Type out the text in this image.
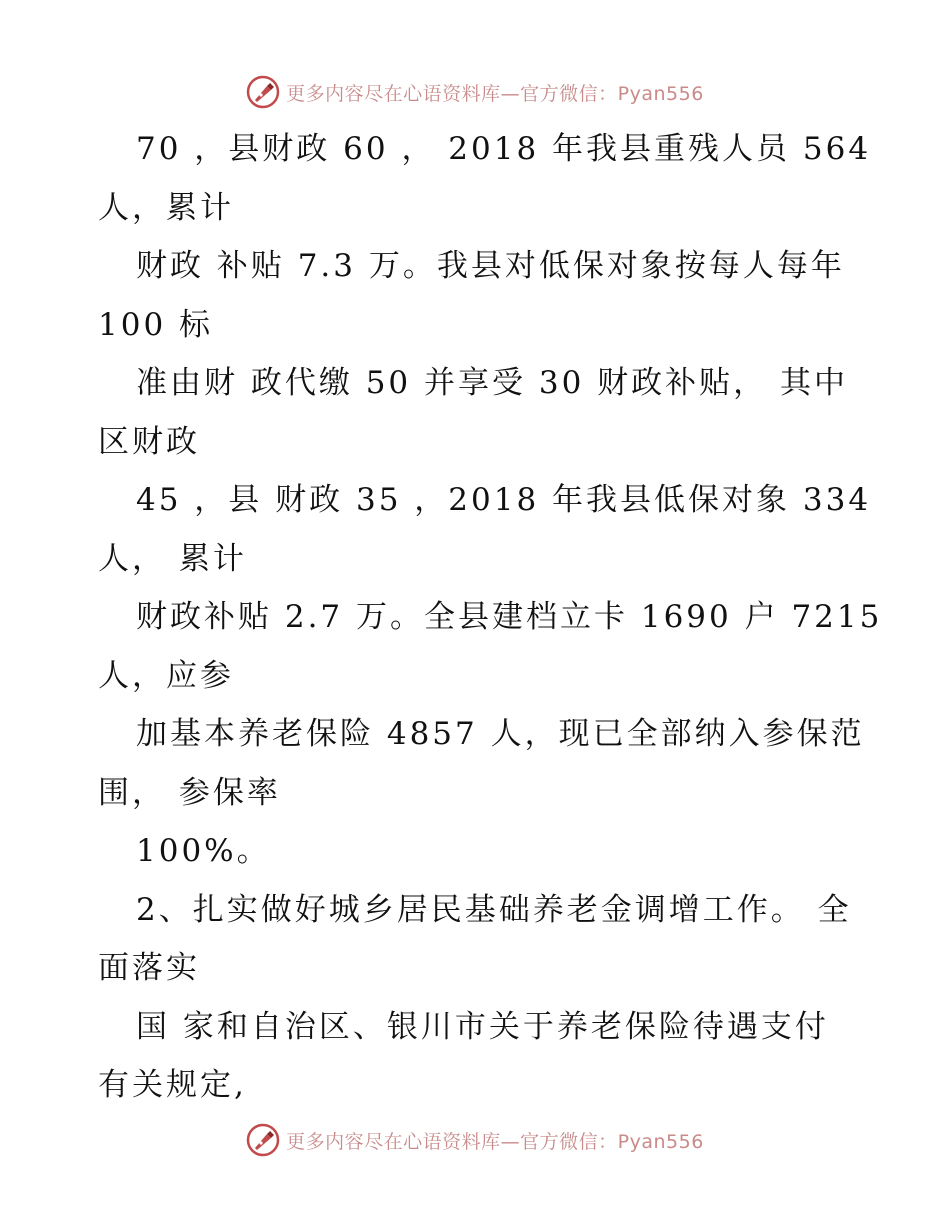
更多内容尽在心语资料库—官方微信：Pyan556
70 ，县财政 60 ， 2018 年我县重残人员 564
人，累计
财政 补贴 7.3 万。我县对低保对象按每人每年
100 标
准由财 政代缴 50 并享受 30 财政补贴， 其中
区财政
45 ，县 财政 35 ，2018 年我县低保对象 334
人， 累计
财政补贴 2.7 万。全县建档立卡 1690 户 7215
人，应参
加基本养老保险 4857 人，现已全部纳入参保范
围， 参保率
100%。
2、扎实做好城乡居民基础养老金调增工作。 全
面落实
国 家和自治区、银川市关于养老保险待遇支付
有关规定,
更多内容尽在心语资料库—官方微信：Pyan556
